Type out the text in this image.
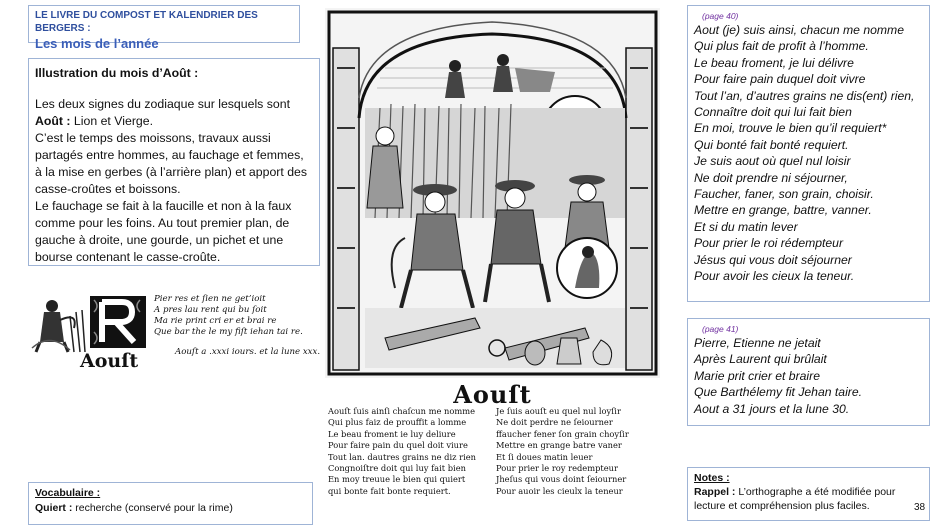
LE LIVRE DU COMPOST ET KALENDRIER DES BERGERS :
Les mois de l’année
Illustration du mois d’Août :

Les deux signes du zodiaque sur lesquels sont Août : Lion et Vierge.

C’est le temps des moissons, travaux aussi partagés entre hommes, au fauchage et femmes, à la mise en gerbes (à l’arrière plan) et apport des casse-croûtes et boissons.

Le fauchage se fait à la faucille et non à la faux comme pour les foins. Au tout premier plan, de gauche à droite, une gourde, un pichet et une bourse contenant le casse-croûte.

Pier res et ſien ne get’ioit
A pres lau rent qui bu ſoit
Ma rie print cri er et brai re
Que bar the le my fiſt iehan tai re.
Aouſt	Aouſt a .xxxi iours. et la lune xxx.
Aouſt
Aouſt ſuis ainſi chaſcun me nomme
Qui plus faiz de prouffit a lomme
Le beau froment ie luy deliure
Pour faire pain du quel doit viure
Tout lan. dautres grains ne diz rien
Congnoiſtre doit qui luy fait bien
En moy treuue le bien qui quiert
qui bonte fait bonte requiert.
Je ſuis aouſt eu quel nul loyſir
Ne doit perdre ne ſeiourner
ffaucher fener ſon grain choyſir
Mettre en grange batre vaner
Et ſi doues matin leuer
Pour prier le roy redempteur
Jheſus qui vous doint ſeiourner
Pour auoir les cieulx la teneur
(page 40)
Aout (je) suis ainsi, chacun me nomme
Qui plus fait de profit à l’homme.
Le beau froment, je lui délivre
Pour faire pain duquel doit vivre
Tout l’an, d’autres grains ne dis(ent) rien,
Connaître doit qui lui fait bien
En moi, trouve le bien qu’il requiert*
Qui bonté fait bonté requiert.
Je suis aout où quel nul loisir
Ne doit prendre ni séjourner,
Faucher, faner, son grain, choisir.
Mettre en grange, battre, vanner.
Et si du matin lever
Pour prier le roi rédempteur
Jésus qui vous doit séjourner
Pour avoir les cieux la teneur.
(page 41)
Pierre, Etienne ne jetait
Après Laurent qui brûlait
Marie prit crier et braire
Que Barthélemy fit Jehan taire.
Aout a 31 jours et la lune 30.
Vocabulaire :
Quiert : recherche (conservé pour la rime)
Notes :
Rappel : L’orthographe a été modifiée pour lecture et compréhension plus faciles.	38
